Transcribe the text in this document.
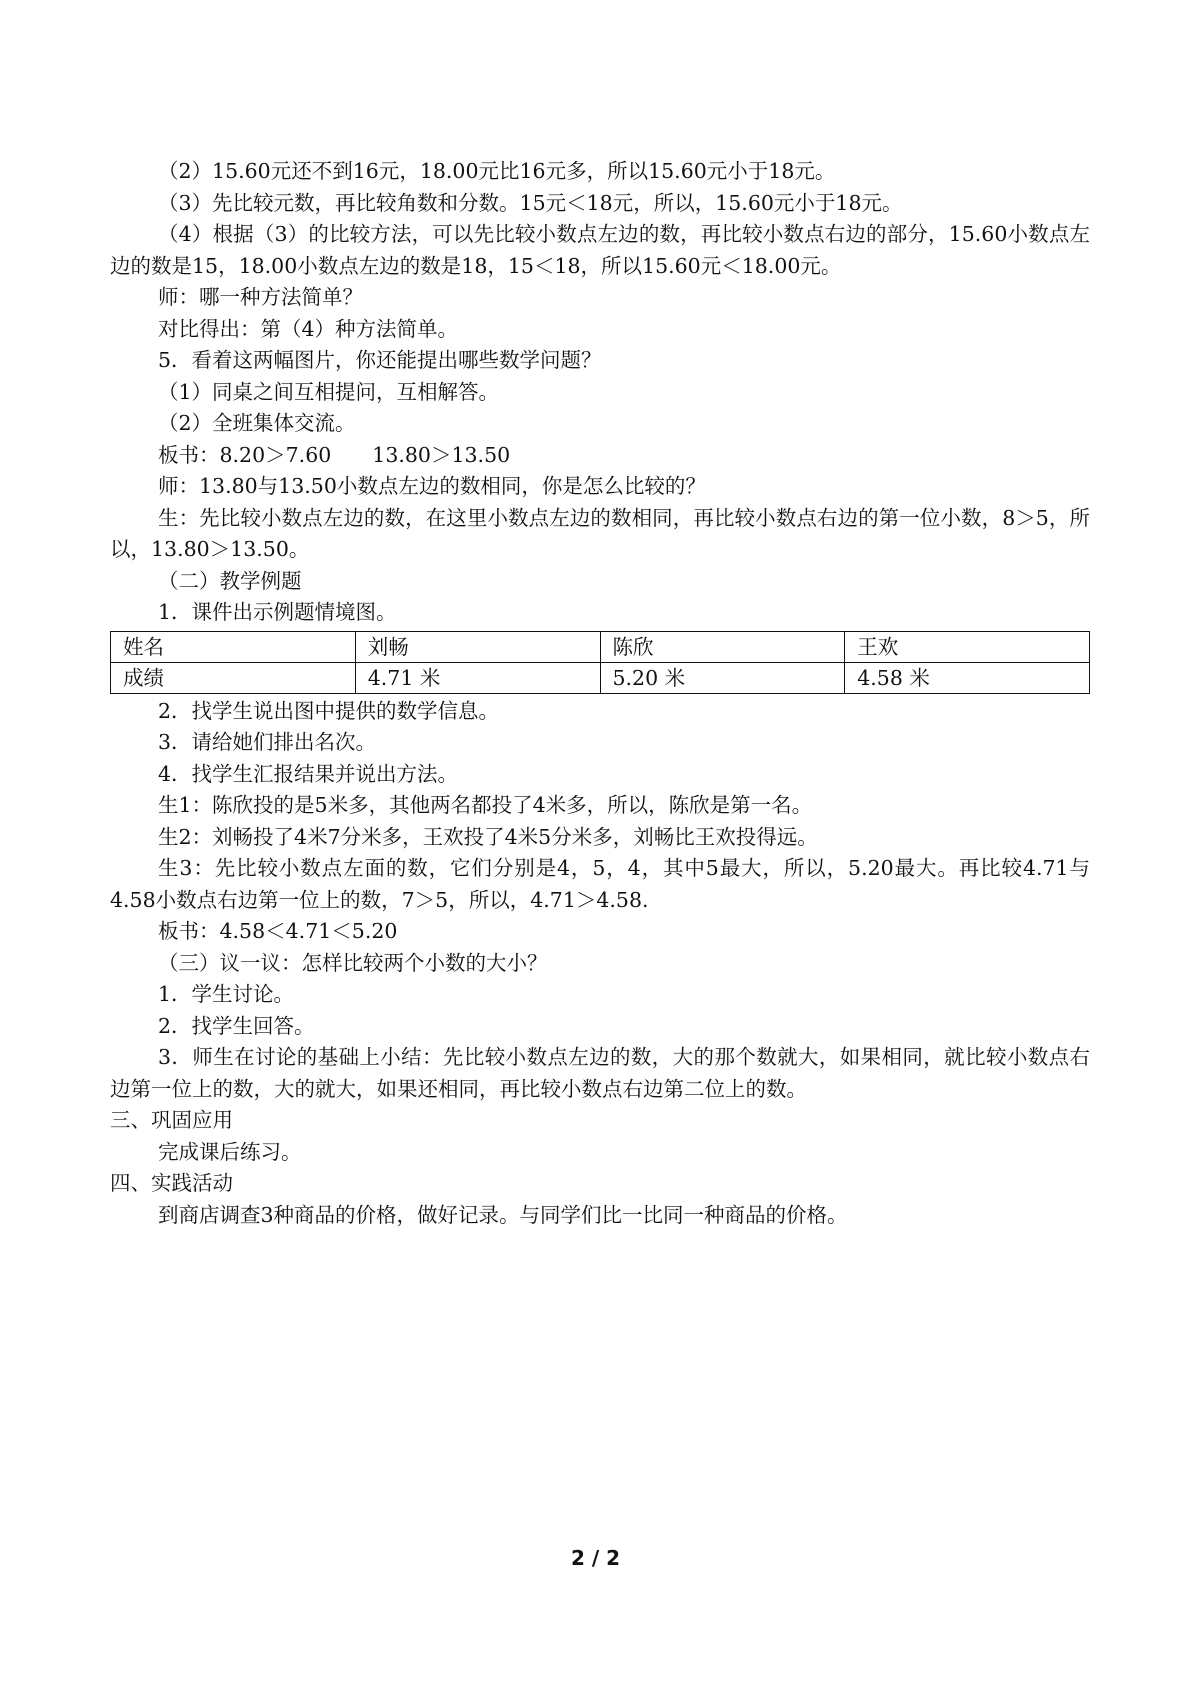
（2）15.60元还不到16元，18.00元比16元多，所以15.60元小于18元。

（3）先比较元数，再比较角数和分数。15元＜18元，所以，15.60元小于18元。

（4）根据（3）的比较方法，可以先比较小数点左边的数，再比较小数点右边的部分，15.60小数点左边的数是15，18.00小数点左边的数是18，15＜18，所以15.60元＜18.00元。

师：哪一种方法简单？

对比得出：第（4）种方法简单。

5．看着这两幅图片，你还能提出哪些数学问题？

（1）同桌之间互相提问，互相解答。

（2）全班集体交流。

板书：8.20＞7.60　　13.80＞13.50

师：13.80与13.50小数点左边的数相同，你是怎么比较的？

生：先比较小数点左边的数，在这里小数点左边的数相同，再比较小数点右边的第一位小数，8＞5，所以，13.80＞13.50。

（二）教学例题

1．课件出示例题情境图。

姓名	刘畅	陈欣	王欢
成绩	4.71 米	5.20 米	4.58 米

2．找学生说出图中提供的数学信息。

3．请给她们排出名次。

4．找学生汇报结果并说出方法。

生1：陈欣投的是5米多，其他两名都投了4米多，所以，陈欣是第一名。

生2：刘畅投了4米7分米多，王欢投了4米5分米多，刘畅比王欢投得远。

生3：先比较小数点左面的数，它们分别是4，5，4，其中5最大，所以，5.20最大。再比较4.71与4.58小数点右边第一位上的数，7＞5，所以，4.71＞4.58.

板书：4.58＜4.71＜5.20

（三）议一议：怎样比较两个小数的大小？

1．学生讨论。

2．找学生回答。

3．师生在讨论的基础上小结：先比较小数点左边的数，大的那个数就大，如果相同，就比较小数点右边第一位上的数，大的就大，如果还相同，再比较小数点右边第二位上的数。

三、巩固应用

完成课后练习。

四、实践活动

到商店调查3种商品的价格，做好记录。与同学们比一比同一种商品的价格。

2 / 2
